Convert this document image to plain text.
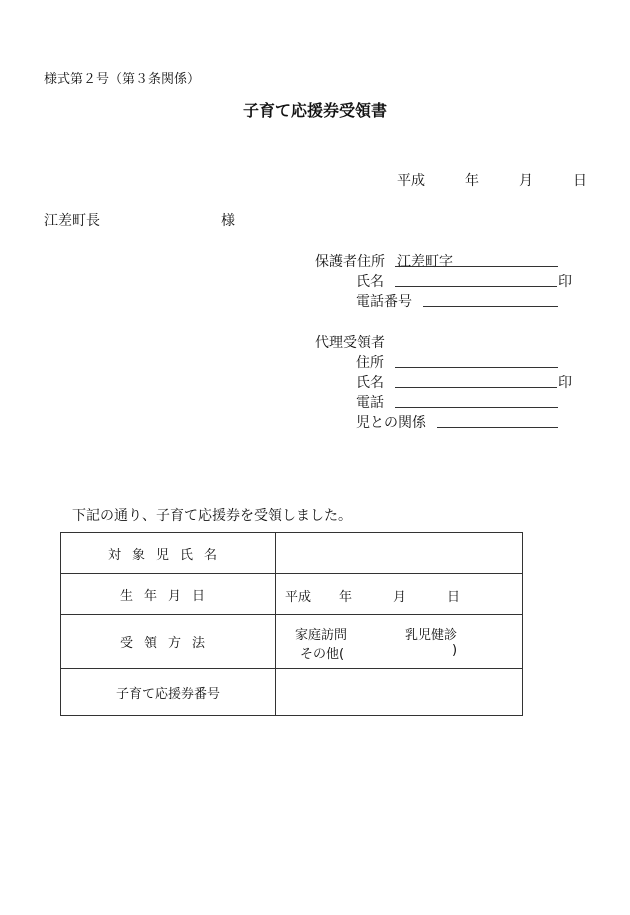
様式第２号（第３条関係）
子育て応援券受領書
平成	年	月	日
江差町長	様
保護者住所 江差町字
氏名	印
電話番号
代理受領者
住所
氏名	印
電話
児との関係
下記の通り、子育て応援券を受領しました。
対象児氏名	
生年月日	平成 年 月 日

受領方法	家庭訪問 乳児健診
その他( )

子育て応援券番号	
